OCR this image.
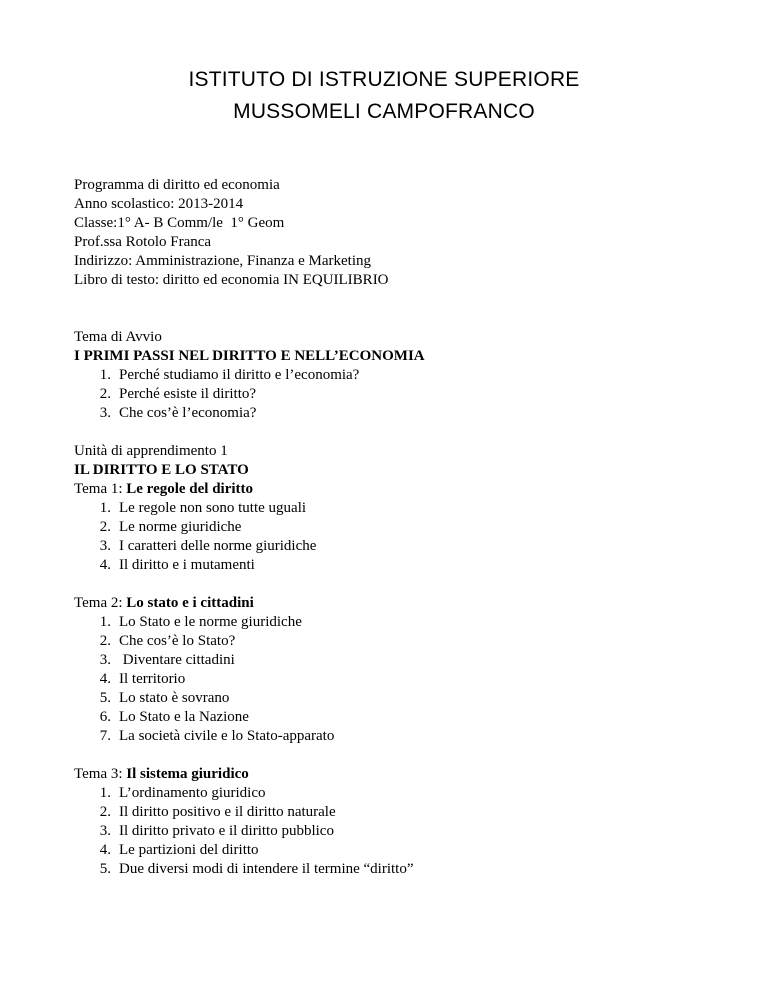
ISTITUTO DI ISTRUZIONE SUPERIORE
MUSSOMELI CAMPOFRANCO
Programma di diritto ed economia
Anno scolastico: 2013-2014
Classe:1° A- B Comm/le  1° Geom
Prof.ssa Rotolo Franca
Indirizzo: Amministrazione, Finanza e Marketing
Libro di testo: diritto ed economia IN EQUILIBRIO
Tema di Avvio
I PRIMI PASSI NEL DIRITTO E NELL’ECONOMIA
1. Perché studiamo il diritto e l’economia?
2. Perché esiste il diritto?
3. Che cos’è l’economia?
Unità di apprendimento 1
IL DIRITTO E LO STATO
Tema 1: Le regole del diritto
1. Le regole non sono tutte uguali
2. Le norme giuridiche
3. I caratteri delle norme giuridiche
4. Il diritto e i mutamenti
Tema 2: Lo stato e i cittadini
1. Lo Stato e le norme giuridiche
2. Che cos’è lo Stato?
3. Diventare cittadini
4. Il territorio
5. Lo stato è sovrano
6. Lo Stato e la Nazione
7. La società civile e lo Stato-apparato
Tema 3: Il sistema giuridico
1. L’ordinamento giuridico
2. Il diritto positivo e il diritto naturale
3. Il diritto privato e il diritto pubblico
4. Le partizioni del diritto
5. Due diversi modi di intendere il termine “diritto”
